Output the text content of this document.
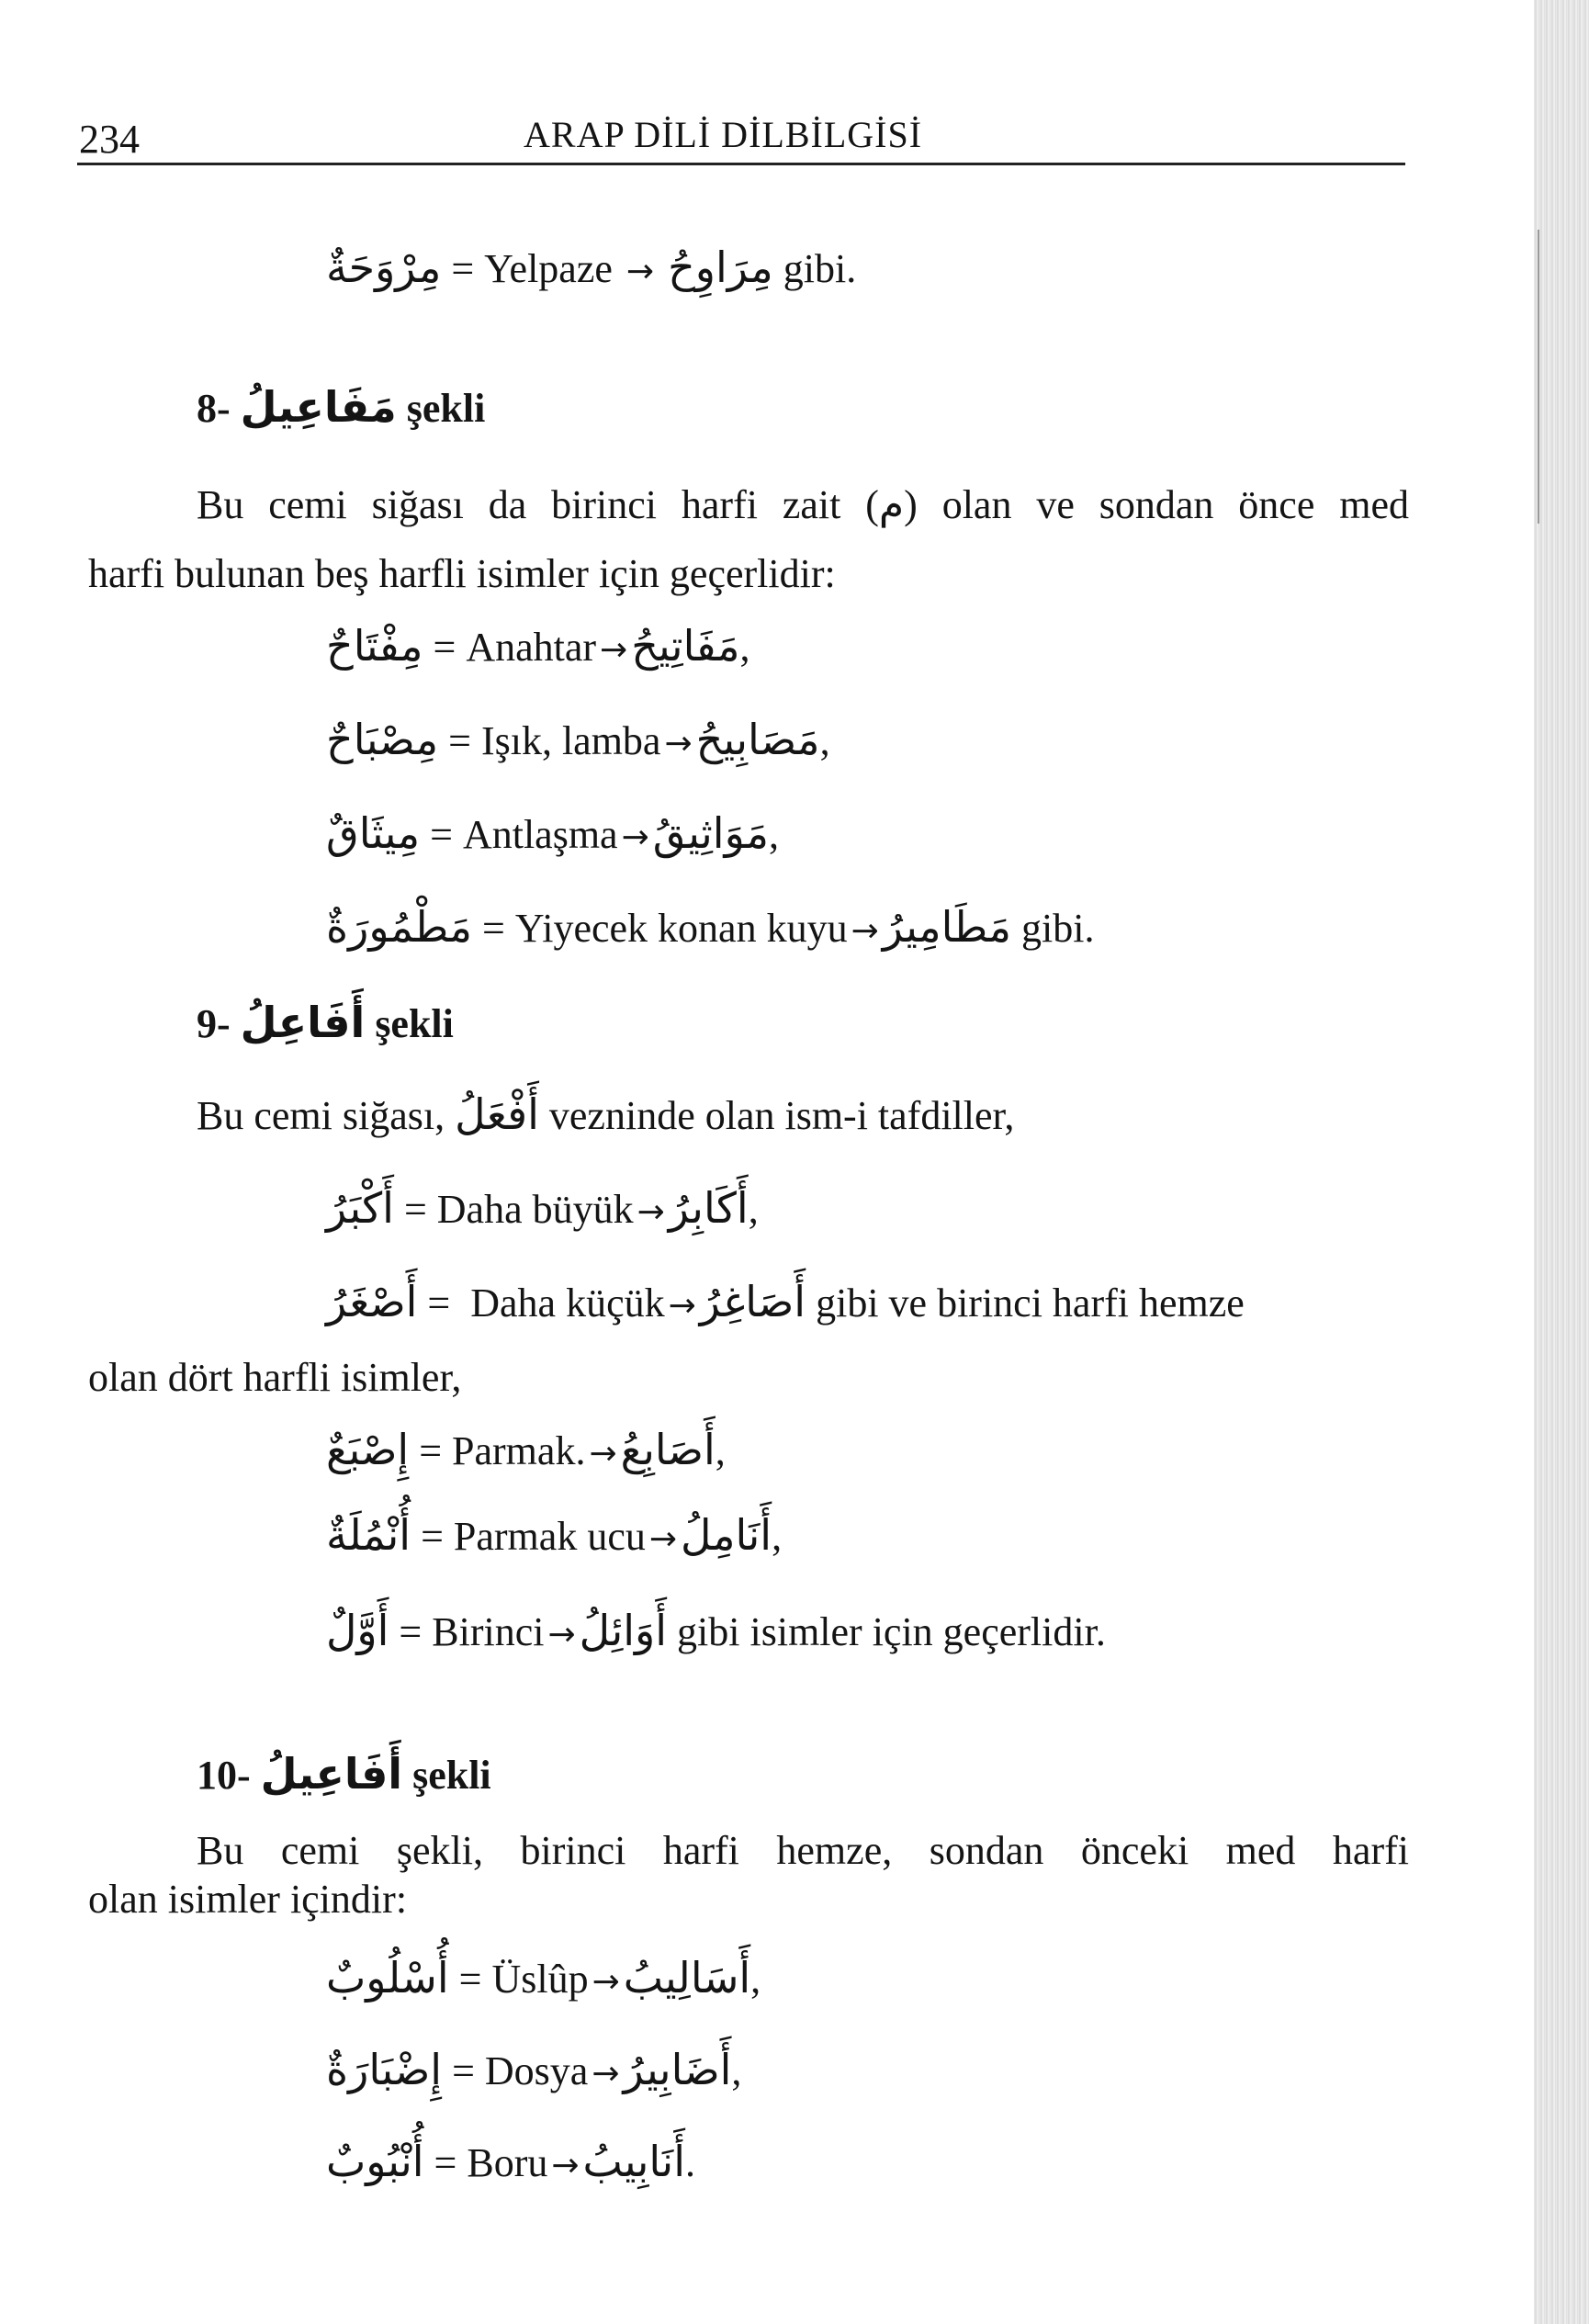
234	ARAP DİLİ DİLBİLGİSİ
مِرْوَحَةٌ = Yelpaze → مِرَاوِحُ gibi.
8- مَفَاعِيلُ şekli
Bu cemi siğası da birinci harfi zait (م) olan ve sondan önce med
harfi bulunan beş harfli isimler için geçerlidir:
مِفْتَاحٌ = Anahtar →مَفَاتِيحُ,
مِصْبَاحٌ = Işık, lamba →مَصَابِيحُ,
مِيثَاقٌ = Antlaşma →مَوَاثِيقُ,
مَطْمُورَةٌ = Yiyecek konan kuyu →مَطَامِيرُ gibi.
9- أَفَاعِلُ şekli
Bu cemi siğası, أَفْعَلُ vezninde olan ism-i tafdiller,
أَكْبَرُ = Daha büyük →أَكَابِرُ,
أَصْغَرُ =  Daha küçük →أَصَاغِرُ gibi ve birinci harfi hemze
olan dört harfli isimler,
إِصْبَعٌ = Parmak. →أَصَابِعُ,
أُنْمُلَةٌ = Parmak ucu →أَنَامِلُ,
أَوَّلٌ = Birinci →أَوَائِلُ gibi isimler için geçerlidir.
10- أَفَاعِيلُ şekli
Bu cemi şekli, birinci harfi hemze, sondan önceki med harfi
olan isimler içindir:
أُسْلُوبٌ = Üslûp →أَسَالِيبُ,
إِضْبَارَةٌ = Dosya →أَضَابِيرُ,
أُنْبُوبٌ = Boru →أَنَابِيبُ.
